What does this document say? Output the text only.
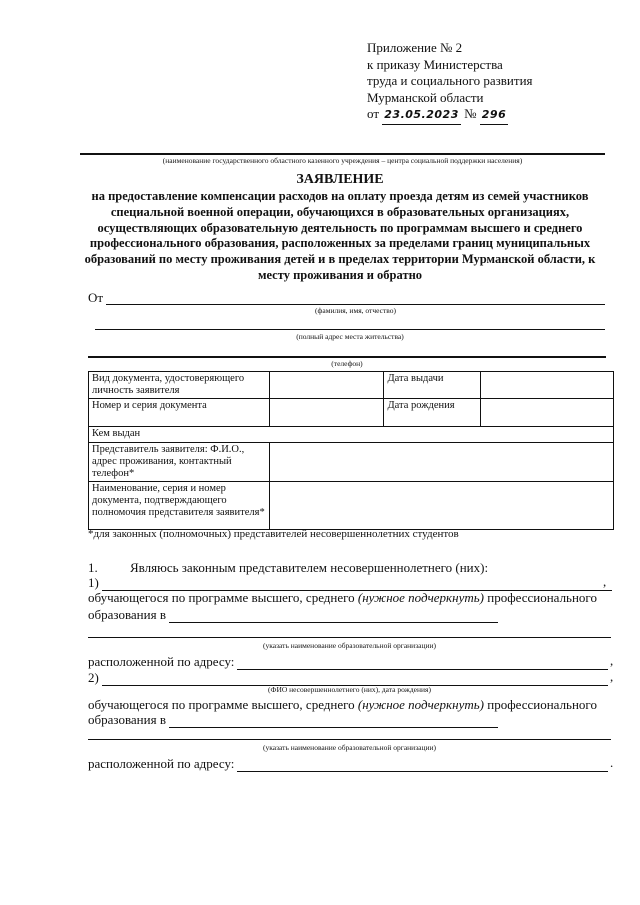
Приложение № 2
к приказу Министерства
труда и социального развития
Мурманской области
от 23.05.2023 № 296
(наименование государственного областного казенного учреждения – центра социальной поддержки населения)
ЗАЯВЛЕНИЕ
на предоставление компенсации расходов на оплату проезда детям из семей участников специальной военной операции, обучающихся в образовательных организациях, осуществляющих образовательную деятельность по программам высшего и среднего профессионального образования, расположенных за пределами границ муниципальных образований по месту проживания детей и в пределах территории Мурманской области, к месту проживания и обратно
От
(фамилия, имя, отчество)
(полный адрес места жительства)
(телефон)
Вид документа, удостоверяющего личность заявителя		Дата выдачи	
Номер и серия документа		Дата рождения	
Кем выдан			
Представитель заявителя: Ф.И.О., адрес проживания, контактный телефон*			
Наименование, серия и номер документа, подтверждающего полномочия представителя заявителя*			
*для законных (полномочных) представителей несовершеннолетних студентов
1. Являюсь законным представителем несовершеннолетнего (них):
1)	,
обучающегося по программе высшего, среднего (нужное подчеркнуть) профессионального
образования в
(указать наименование образовательной организации)
расположенной по адресу:	,
2)	,
(ФИО несовершеннолетнего (них), дата рождения)
обучающегося по программе высшего, среднего (нужное подчеркнуть) профессионального
образования в
(указать наименование образовательной организации)
расположенной по адресу:	.
